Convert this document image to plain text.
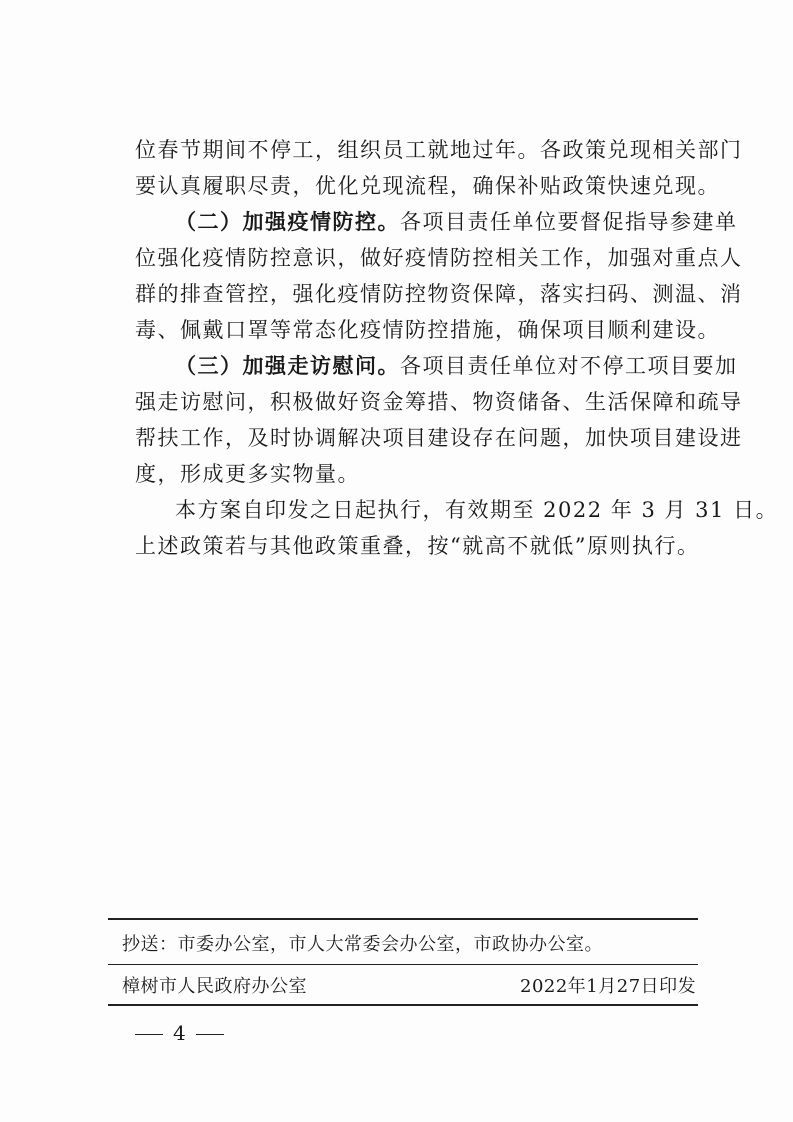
位春节期间不停工，组织员工就地过年。各政策兑现相关部门
要认真履职尽责，优化兑现流程，确保补贴政策快速兑现。
（二）加强疫情防控。各项目责任单位要督促指导参建单
位强化疫情防控意识，做好疫情防控相关工作，加强对重点人
群的排查管控，强化疫情防控物资保障，落实扫码、测温、消
毒、佩戴口罩等常态化疫情防控措施，确保项目顺利建设。
（三）加强走访慰问。各项目责任单位对不停工项目要加
强走访慰问，积极做好资金筹措、物资储备、生活保障和疏导
帮扶工作，及时协调解决项目建设存在问题，加快项目建设进
度，形成更多实物量。
本方案自印发之日起执行，有效期至 2022 年 3 月 31 日。
上述政策若与其他政策重叠，按“就高不就低”原则执行。
抄送：市委办公室，市人大常委会办公室，市政协办公室。
樟树市人民政府办公室	2022年1月27日印发
4
